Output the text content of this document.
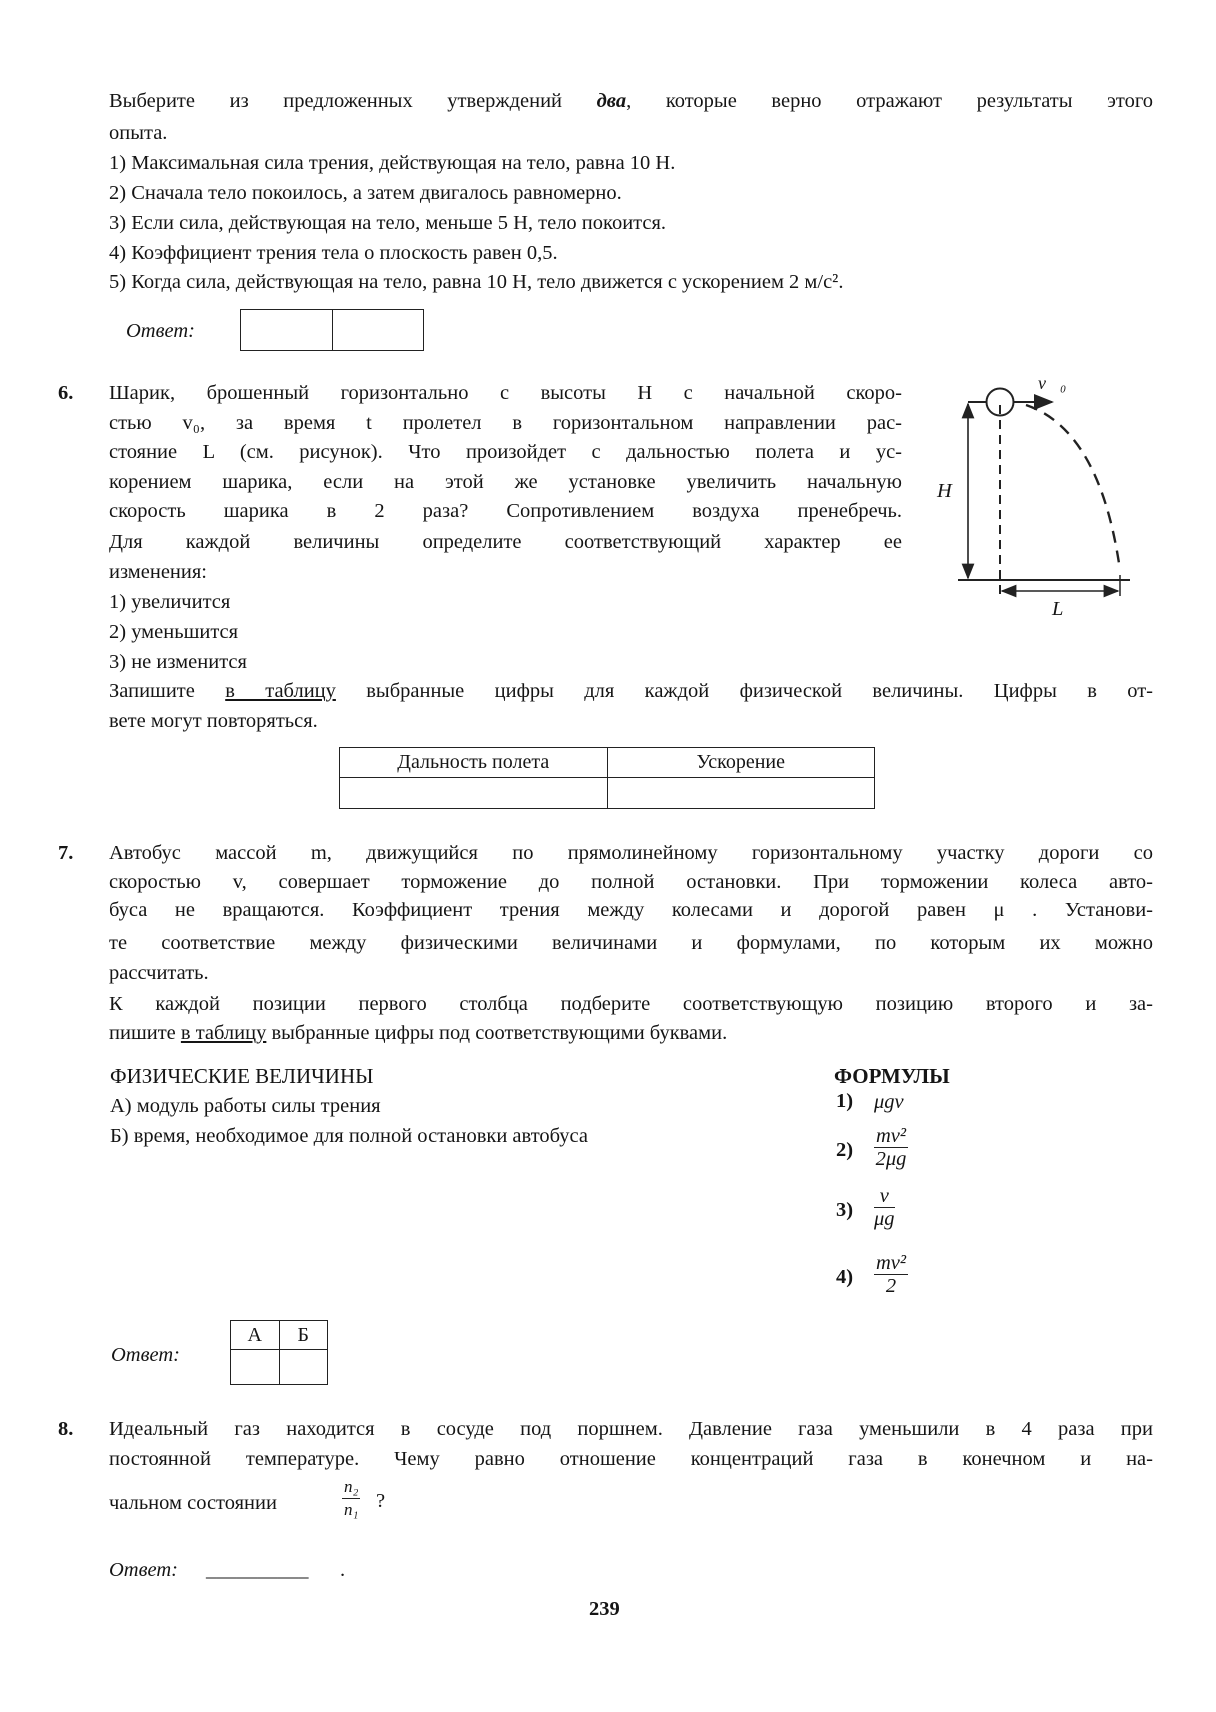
Выберите из предложенных утверждений два, которые верно отражают результаты этого
опыта.
1) Максимальная сила трения, действующая на тело, равна 10 Н.
2) Сначала тело покоилось, а затем двигалось равномерно.
3) Если сила, действующая на тело, меньше 5 Н, тело покоится.
4) Коэффициент трения тела о плоскость равен 0,5.
5) Когда сила, действующая на тело, равна 10 Н, тело движется с ускорением 2 м/с².
Ответ:
6. Шарик, брошенный горизонтально с высоты H с начальной скоро-
стью v₀, за время t пролетел в горизонтальном направлении рас-
стояние L (см. рисунок). Что произойдет с дальностью полета и ус-
корением шарика, если на этой же установке увеличить начальную
скорость шарика в 2 раза? Сопротивлением воздуха пренебречь.
Для каждой величины определите соответствующий характер ее
изменения:
1) увеличится
2) уменьшится
3) не изменится
Запишите в таблицу выбранные цифры для каждой физической величины. Цифры в от-
вете могут повторяться.
Дальность полета	Ускорение

v⃗₀
H
L
7. Автобус массой m, движущийся по прямолинейному горизонтальному участку дороги со
скоростью v, совершает торможение до полной остановки. При торможении колеса авто-
буса не вращаются. Коэффициент трения между колесами и дорогой равен μ . Установи-
те соответствие между физическими величинами и формулами, по которым их можно
рассчитать.
К каждой позиции первого столбца подберите соответствующую позицию второго и за-
пишите в таблицу выбранные цифры под соответствующими буквами.
ФИЗИЧЕСКИЕ ВЕЛИЧИНЫ
А) модуль работы силы трения
Б) время, необходимое для полной остановки автобуса
ФОРМУЛЫ
1) μgv
$2) \frac{\text{mv²}}{2\mu g}$
$3) \frac{v}{\mu g}$
$4) \frac{\text{mv²}}{2}$
Ответ:
А	Б

8. Идеальный газ находится в сосуде под поршнем. Давление газа уменьшили в 4 раза при
постоянной температуре. Чему равно отношение концентраций газа в конечном и на-
чальном состоянии	$\frac{\text{n₂}}{\text{n₁}}$ ?
Ответ: __________ .
239
